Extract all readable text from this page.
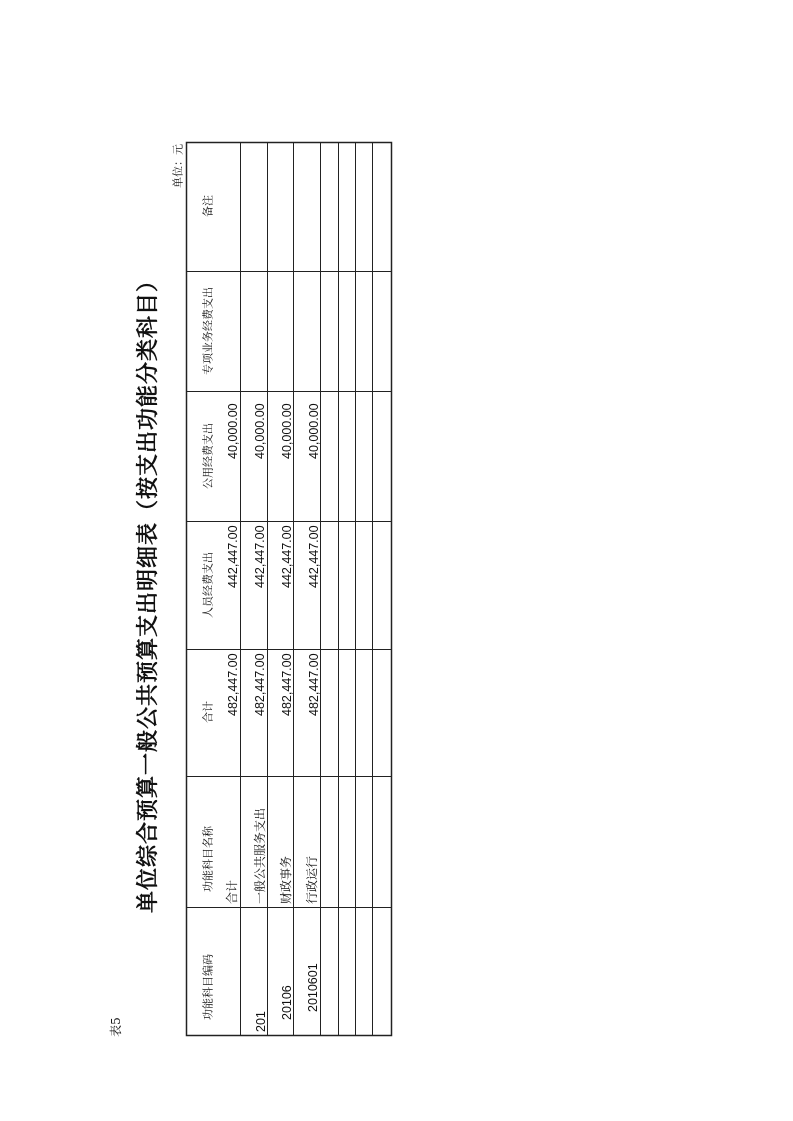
表5
单位综合预算一般公共预算支出明细表（按支出功能分类科目）
单位：元
功能科目编码
功能科目名称
合计
人员经费支出
公用经费支出
专项业务经费支出
备注
合计
482,447.00
442,447.00
40,000.00
201
一般公共服务支出
482,447.00
442,447.00
40,000.00
20106
财政事务
482,447.00
442,447.00
40,000.00
2010601
行政运行
482,447.00
442,447.00
40,000.00
